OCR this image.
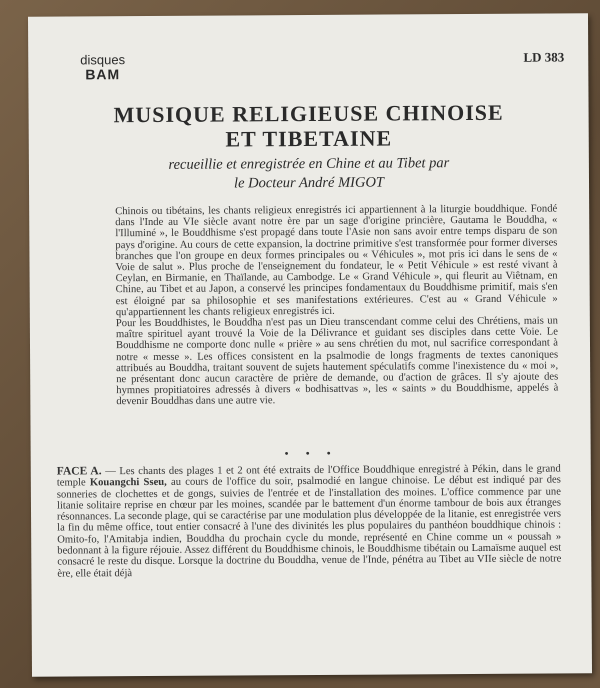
disques
BAM
LD 383
MUSIQUE RELIGIEUSE CHINOISE
ET TIBETAINE
recueillie et enregistrée en Chine et au Tibet par
le Docteur André MIGOT

Chinois ou tibétains, les chants religieux enregistrés ici appartiennent à la liturgie bouddhique. Fondé dans l'Inde au VIe siècle avant notre ère par un sage d'origine princière, Gautama le Bouddha, « l'Illuminé », le Bouddhisme s'est propagé dans toute l'Asie non sans avoir entre temps disparu de son pays d'origine. Au cours de cette expansion, la doctrine primitive s'est transformée pour former diverses branches que l'on groupe en deux formes principales ou « Véhicules », mot pris ici dans le sens de « Voie de salut ». Plus proche de l'enseignement du fondateur, le « Petit Véhicule » est resté vivant à Ceylan, en Birmanie, en Thaïlande, au Cambodge. Le « Grand Véhicule », qui fleurit au Viêtnam, en Chine, au Tibet et au Japon, a conservé les principes fondamentaux du Bouddhisme primitif, mais s'en est éloigné par sa philosophie et ses manifestations extérieures. C'est au « Grand Véhicule » qu'appartiennent les chants religieux enregistrés ici.

Pour les Bouddhistes, le Bouddha n'est pas un Dieu transcendant comme celui des Chrétiens, mais un maître spirituel ayant trouvé la Voie de la Délivrance et guidant ses disciples dans cette Voie. Le Bouddhisme ne comporte donc nulle « prière » au sens chrétien du mot, nul sacrifice correspondant à notre « messe ». Les offices consistent en la psalmodie de longs fragments de textes canoniques attribués au Bouddha, traitant souvent de sujets hautement spéculatifs comme l'inexistence du « moi », ne présentant donc aucun caractère de prière de demande, ou d'action de grâces. Il s'y ajoute des hymnes propitiatoires adressés à divers « bodhisattvas », les « saints » du Bouddhisme, appelés à devenir Bouddhas dans une autre vie.

• • •
FACE A. — Les chants des plages 1 et 2 ont été extraits de l'Office Bouddhique enregistré à Pékin, dans le grand temple Kouangchi Sseu, au cours de l'office du soir, psalmodié en langue chinoise. Le début est indiqué par des sonneries de clochettes et de gongs, suivies de l'entrée et de l'installation des moines. L'office commence par une litanie solitaire reprise en chœur par les moines, scandée par le battement d'un énorme tambour de bois aux étranges résonnances. La seconde plage, qui se caractérise par une modulation plus développée de la litanie, est enregistrée vers la fin du même office, tout entier consacré à l'une des divinités les plus populaires du panthéon bouddhique chinois : Omito-fo, l'Amitabja indien, Bouddha du prochain cycle du monde, représenté en Chine comme un « poussah » bedonnant à la figure réjouie. Assez différent du Bouddhisme chinois, le Bouddhisme tibétain ou Lamaïsme auquel est consacré le reste du disque. Lorsque la doctrine du Bouddha, venue de l'Inde, pénétra au Tibet au VIIe siècle de notre ère, elle était déjà
